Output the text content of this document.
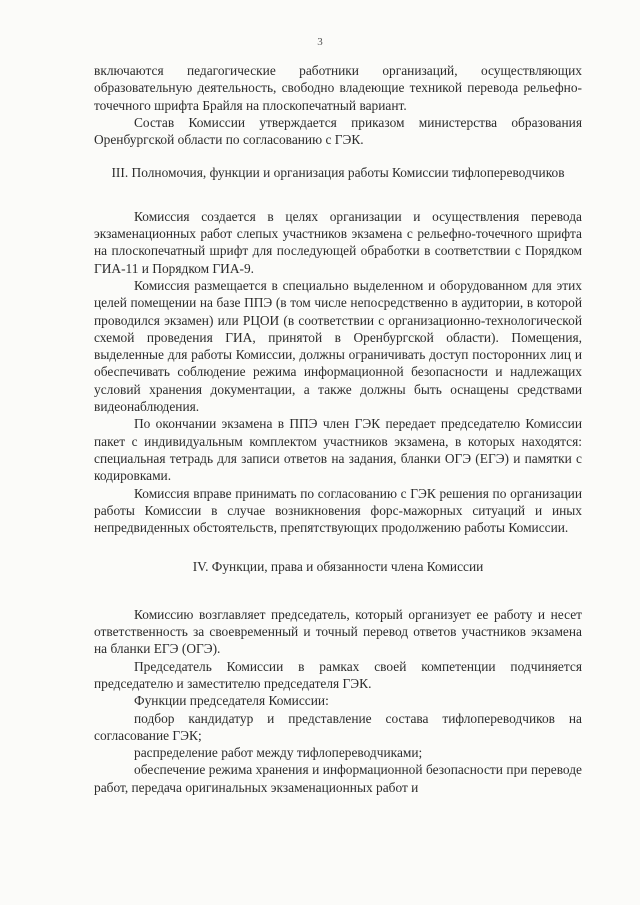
3

включаются педагогические работники организаций, осуществляющих образовательную деятельность, свободно владеющие техникой перевода рельефно-точечного шрифта Брайля на плоскопечатный вариант.

Состав Комиссии утверждается приказом министерства образования Оренбургской области по согласованию с ГЭК.

III. Полномочия, функции и организация работы Комиссии тифлопереводчиков

Комиссия создается в целях организации и осуществления перевода экзаменационных работ слепых участников экзамена с рельефно-точечного шрифта на плоскопечатный шрифт для последующей обработки в соответствии с Порядком ГИА-11 и Порядком ГИА-9.

Комиссия размещается в специально выделенном и оборудованном для этих целей помещении на базе ППЭ (в том числе непосредственно в аудитории, в которой проводился экзамен) или РЦОИ (в соответствии с организационно-технологической схемой проведения ГИА, принятой в Оренбургской области). Помещения, выделенные для работы Комиссии, должны ограничивать доступ посторонних лиц и обеспечивать соблюдение режима информационной безопасности и надлежащих условий хранения документации, а также должны быть оснащены средствами видеонаблюдения.

По окончании экзамена в ППЭ член ГЭК передает председателю Комиссии пакет с индивидуальным комплектом участников экзамена, в которых находятся: специальная тетрадь для записи ответов на задания, бланки ОГЭ (ЕГЭ) и памятки с кодировками.

Комиссия вправе принимать по согласованию с ГЭК решения по организации работы Комиссии в случае возникновения форс-мажорных ситуаций и иных непредвиденных обстоятельств, препятствующих продолжению работы Комиссии.

IV. Функции, права и обязанности члена Комиссии

Комиссию возглавляет председатель, который организует ее работу и несет ответственность за своевременный и точный перевод ответов участников экзамена на бланки ЕГЭ (ОГЭ).

Председатель Комиссии в рамках своей компетенции подчиняется председателю и заместителю председателя ГЭК.

Функции председателя Комиссии:

подбор кандидатур и представление состава тифлопереводчиков на согласование ГЭК;

распределение работ между тифлопереводчиками;

обеспечение режима хранения и информационной безопасности при переводе работ, передача оригинальных экзаменационных работ и
